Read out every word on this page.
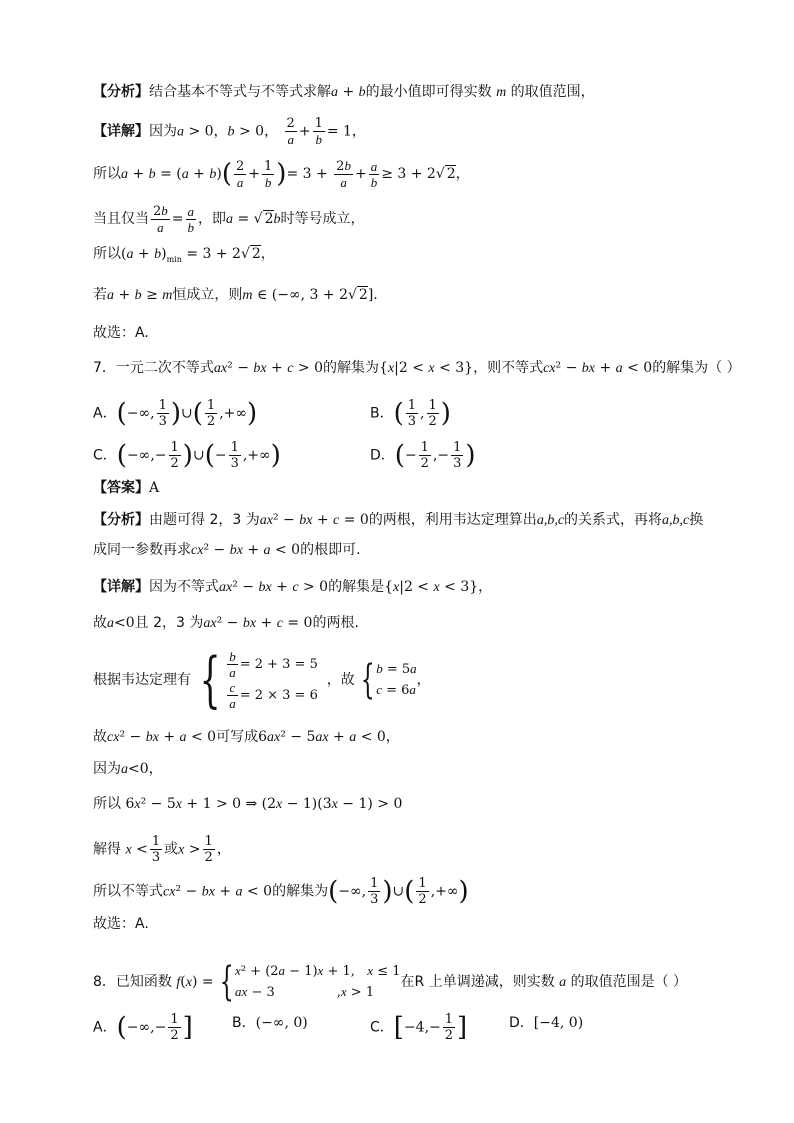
【分析】结合基本不等式与不等式求解a + b的最小值即可得实数 m 的取值范围，
【详解】因为a > 0，b > 0， $\frac{2}{a} + \frac{1}{b} = 1$，
所以$a + b = (a + b)( \frac{2}{a} + \frac{1}{b}$ )= $3 + \frac{2b}{a} + \frac{a}{b} \ge 3 + 2√$ 2，
当且仅当 $\frac{2b}{a} = \frac{a}{b}$ ，即a = √ 2b时等号成立，
所以$(a + b)_{min} = 3 + 2√$ 2，
若a + b ≥ m恒成立，则m ∈ (−∞, 3 + 2√ 2].
故选：A.
7．一元二次不等式ax² − bx + c > 0的解集为{x|2 < x < 3}，则不等式cx² − bx + a < 0的解集为（ ）
A．(−∞, $\frac{1}{3}$ )∪( $\frac{1}{2}$ ,+∞)	B．( $\frac{1}{3}$ , $\frac{1}{2}$ )
C．(−∞,− $\frac{1}{2}$ )∪(− $\frac{1}{3}$ ,+∞)	D．(− $\frac{1}{2}$ ,− $\frac{1}{3}$ )
【答案】A
【分析】由题可得 2，3 为ax² − bx + c = 0的两根，利用韦达定理算出a,b,c的关系式，再将a,b,c换
成同一参数再求cx² − bx + a < 0的根即可.
【详解】因为不等式ax² − bx + c > 0的解集是{x|2 < x < 3}，
故a<0且 2，3 为ax² − bx + c = 0的两根.
根据韦达定理有 { $\frac{b}{a} = 2 + 3 = 5$
$\frac{c}{a} = 2 \times 3 = 6$
，故 { b = 5a
c = 6a
，
故cx² − bx + a < 0可写成6ax² − 5ax + a < 0，
因为a<0，
所以 6x² − 5x + 1 > 0 ⇒ (2x − 1)(3x − 1) > 0
解得 $x < \frac{1}{3}$ 或$x > \frac{1}{2}$ ，
所以不等式cx² − bx + a < 0的解集为(−∞, $\frac{1}{3}$ )∪( $\frac{1}{2}$ ,+∞)
故选：A.
8．已知函数 f(x) = { x² + (2a − 1)x + 1,   x ≤ 1
ax − 3               ,x > 1
在R 上单调递减，则实数 a 的取值范围是（ ）
A．(−∞,− $\frac{1}{2}$ ]	B．(−∞, 0)	C．[$-4,- \frac{1}{2}$ ]	D．[−4, 0)
